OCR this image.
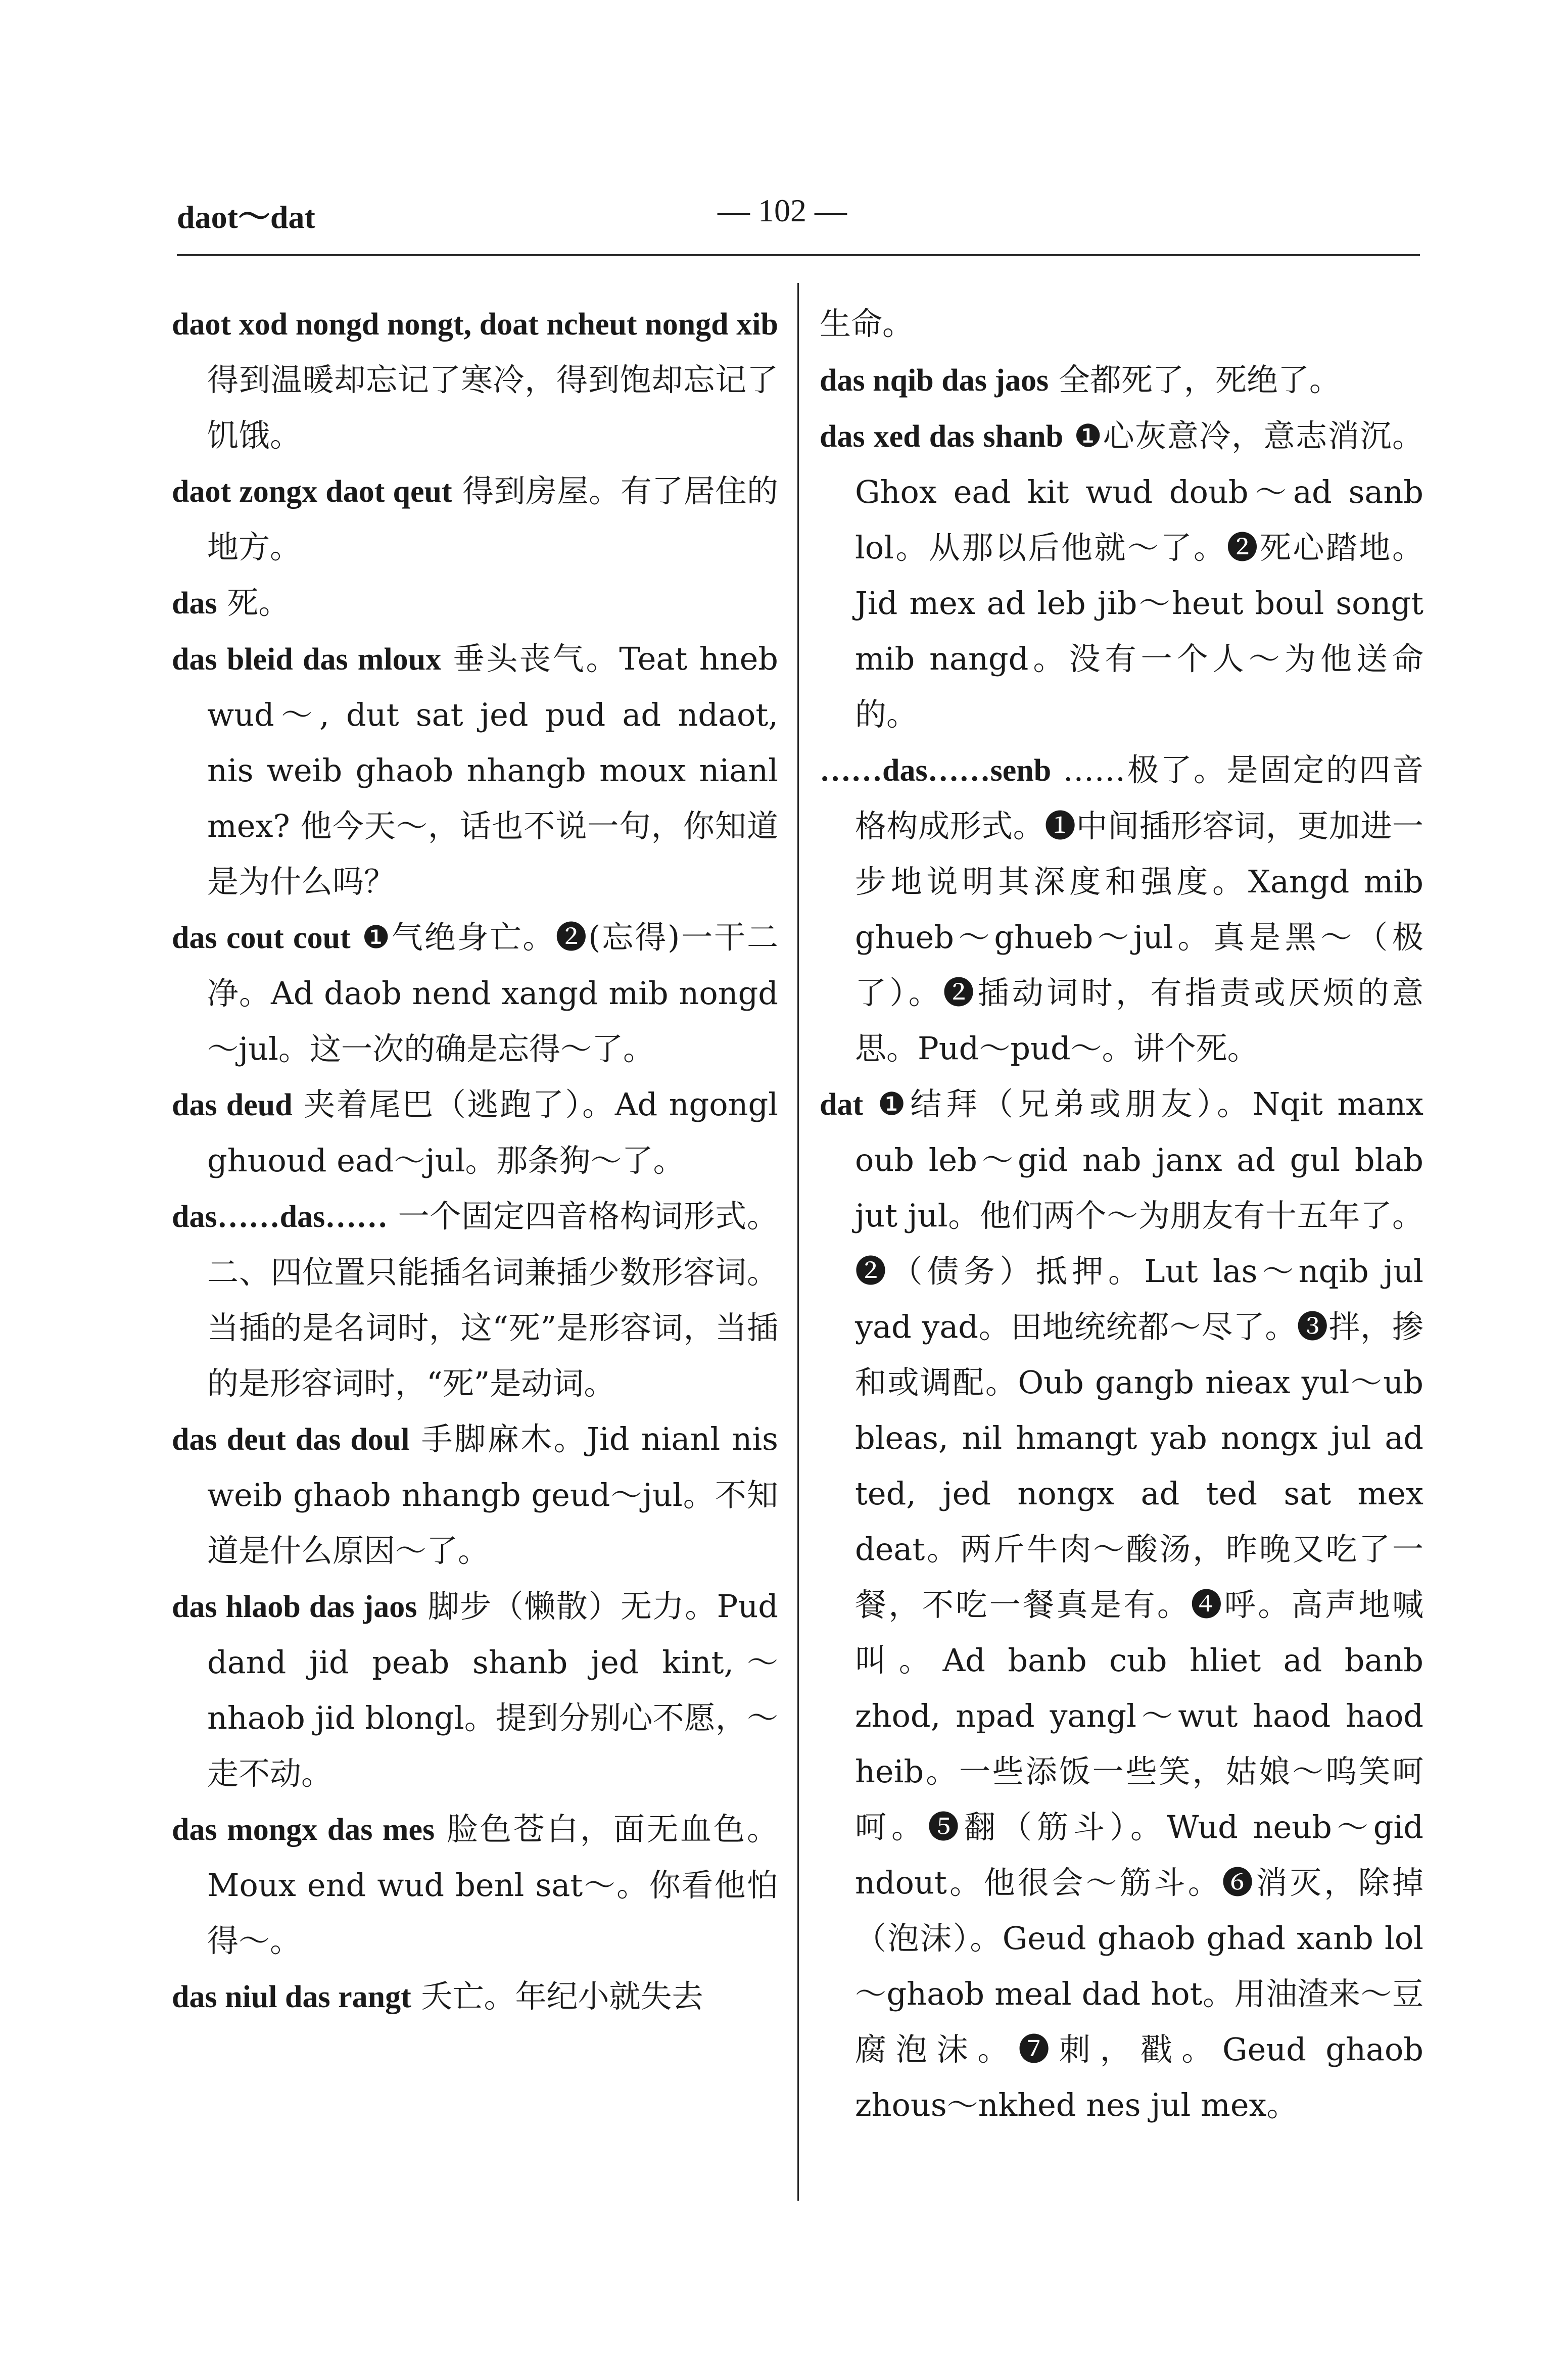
daot～dat	— 102 —

daot xod nongd nongt, doat ncheut nongd xib 得到温暖却忘记了寒冷，得到饱却忘记了饥饿。

daot zongx daot qeut 得到房屋。有了居住的地方。

das 死。

das bleid das mloux 垂头丧气。Teat hneb wud～, dut sat jed pud ad ndaot, nis weib ghaob nhangb moux nianl mex? 他今天～，话也不说一句，你知道是为什么吗？

das cout cout ❶气绝身亡。❷(忘得)一干二净。Ad daob nend xangd mib nongd～jul。这一次的确是忘得～了。

das deud 夹着尾巴（逃跑了）。Ad ngongl ghuoud ead～jul。那条狗～了。

das……das…… 一个固定四音格构词形式。二、四位置只能插名词兼插少数形容词。当插的是名词时，这“死”是形容词，当插的是形容词时，“死”是动词。

das deut das doul 手脚麻木。Jid nianl nis weib ghaob nhangb geud～jul。不知道是什么原因～了。

das hlaob das jaos 脚步（懒散）无力。Pud dand jid peab shanb jed kint,～nhaob jid blongl。提到分别心不愿，～走不动。

das mongx das mes 脸色苍白，面无血色。Moux end wud benl sat～。你看他怕得～。

das niul das rangt 夭亡。年纪小就失去

生命。

das nqib das jaos 全都死了，死绝了。

das xed das shanb ❶心灰意冷，意志消沉。Ghox ead kit wud doub～ad sanb lol。从那以后他就～了。❷死心踏地。Jid mex ad leb jib～heut boul songt mib nangd。没有一个人～为他送命的。

……das……senb ……极了。是固定的四音格构成形式。❶中间插形容词，更加进一步地说明其深度和强度。Xangd mib ghueb～ghueb～jul。真是黑～（极了）。❷插动词时，有指责或厌烦的意思。Pud～pud～。讲个死。

dat ❶结拜（兄弟或朋友）。Nqit manx oub leb～gid nab janx ad gul blab jut jul。他们两个～为朋友有十五年了。❷（债务）抵押。Lut las～nqib jul yad yad。田地统统都～尽了。❸拌，掺和或调配。Oub gangb nieax yul～ub bleas, nil hmangt yab nongx jul ad ted, jed nongx ad ted sat mex deat。两斤牛肉～酸汤，昨晚又吃了一餐，不吃一餐真是有。❹呼。高声地喊叫。Ad banb cub hliet ad banb zhod, npad yangl～wut haod haod heib。一些添饭一些笑，姑娘～呜笑呵呵。❺翻（筋斗）。Wud neub～gid ndout。他很会～筋斗。❻消灭，除掉（泡沫）。Geud ghaob ghad xanb lol～ghaob meal dad hot。用油渣来～豆腐泡沫。❼刺，戳。Geud ghaob zhous～nkhed nes jul mex。
